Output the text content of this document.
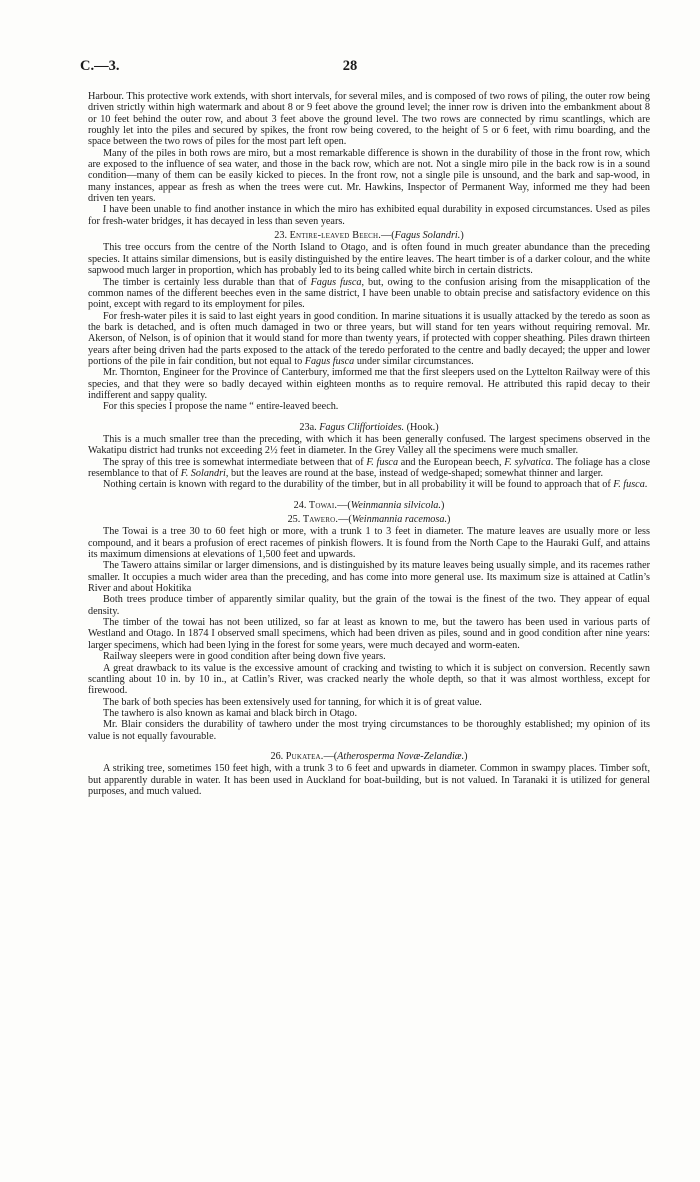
C.—3.	28

Harbour. This protective work extends, with short intervals, for several miles, and is composed of two rows of piling, the outer row being driven strictly within high watermark and about 8 or 9 feet above the ground level; the inner row is driven into the embankment about 8 or 10 feet behind the outer row, and about 3 feet above the ground level. The two rows are connected by rimu scantlings, which are roughly let into the piles and secured by spikes, the front row being covered, to the height of 5 or 6 feet, with rimu boarding, and the space between the two rows of piles for the most part left open.

Many of the piles in both rows are miro, but a most remarkable difference is shown in the durability of those in the front row, which are exposed to the influence of sea water, and those in the back row, which are not. Not a single miro pile in the back row is in a sound condition—many of them can be easily kicked to pieces. In the front row, not a single pile is unsound, and the bark and sap-wood, in many instances, appear as fresh as when the trees were cut. Mr. Hawkins, Inspector of Permanent Way, informed me they had been driven ten years.

I have been unable to find another instance in which the miro has exhibited equal durability in exposed circumstances. Used as piles for fresh-water bridges, it has decayed in less than seven years.

23. Entire-leaved Beech.—(Fagus Solandri.)

This tree occurs from the centre of the North Island to Otago, and is often found in much greater abundance than the preceding species. It attains similar dimensions, but is easily distinguished by the entire leaves. The heart timber is of a darker colour, and the white sapwood much larger in proportion, which has probably led to its being called white birch in certain districts.

The timber is certainly less durable than that of Fagus fusca, but, owing to the confusion arising from the misapplication of the common names of the different beeches even in the same district, I have been unable to obtain precise and satisfactory evidence on this point, except with regard to its employment for piles.

For fresh-water piles it is said to last eight years in good condition. In marine situations it is usually attacked by the teredo as soon as the bark is detached, and is often much damaged in two or three years, but will stand for ten years without requiring removal. Mr. Akerson, of Nelson, is of opinion that it would stand for more than twenty years, if protected with copper sheathing. Piles drawn thirteen years after being driven had the parts exposed to the attack of the teredo perforated to the centre and badly decayed; the upper and lower portions of the pile in fair condition, but not equal to Fagus fusca under similar circumstances.

Mr. Thornton, Engineer for the Province of Canterbury, imformed me that the first sleepers used on the Lyttelton Railway were of this species, and that they were so badly decayed within eighteen months as to require removal. He attributed this rapid decay to their indifferent and sappy quality.

For this species I propose the name “ entire-leaved beech.

23a. Fagus Cliffortioides. (Hook.)

This is a much smaller tree than the preceding, with which it has been generally confused. The largest specimens observed in the Wakatipu district had trunks not exceeding 2½ feet in diameter. In the Grey Valley all the specimens were much smaller.

The spray of this tree is somewhat intermediate between that of F. fusca and the European beech, F. sylvatica. The foliage has a close resemblance to that of F. Solandri, but the leaves are round at the base, instead of wedge-shaped; somewhat thinner and larger.

Nothing certain is known with regard to the durability of the timber, but in all probability it will be found to approach that of F. fusca.

24. Towai.—(Weinmannia silvicola.)
25. Tawero.—(Weinmannia racemosa.)

The Towai is a tree 30 to 60 feet high or more, with a trunk 1 to 3 feet in diameter. The mature leaves are usually more or less compound, and it bears a profusion of erect racemes of pinkish flowers. It is found from the North Cape to the Hauraki Gulf, and attains its maximum dimensions at elevations of 1,500 feet and upwards.

The Tawero attains similar or larger dimensions, and is distinguished by its mature leaves being usually simple, and its racemes rather smaller. It occupies a much wider area than the preceding, and has come into more general use. Its maximum size is attained at Catlin’s River and about Hokitika

Both trees produce timber of apparently similar quality, but the grain of the towai is the finest of the two. They appear of equal density.

The timber of the towai has not been utilized, so far at least as known to me, but the tawero has been used in various parts of Westland and Otago. In 1874 I observed small specimens, which had been driven as piles, sound and in good condition after nine years: larger specimens, which had been lying in the forest for some years, were much decayed and worm-eaten.

Railway sleepers were in good condition after being down five years.

A great drawback to its value is the excessive amount of cracking and twisting to which it is subject on conversion. Recently sawn scantling about 10 in. by 10 in., at Catlin’s River, was cracked nearly the whole depth, so that it was almost worthless, except for firewood.

The bark of both species has been extensively used for tanning, for which it is of great value.

The tawhero is also known as kamai and black birch in Otago.

Mr. Blair considers the durability of tawhero under the most trying circumstances to be thoroughly established; my opinion of its value is not equally favourable.

26. Pukatea.—(Atherosperma Novæ-Zelandiæ.)

A striking tree, sometimes 150 feet high, with a trunk 3 to 6 feet and upwards in diameter. Common in swampy places. Timber soft, but apparently durable in water. It has been used in Auckland for boat-building, but is not valued. In Taranaki it is utilized for general purposes, and much valued.
